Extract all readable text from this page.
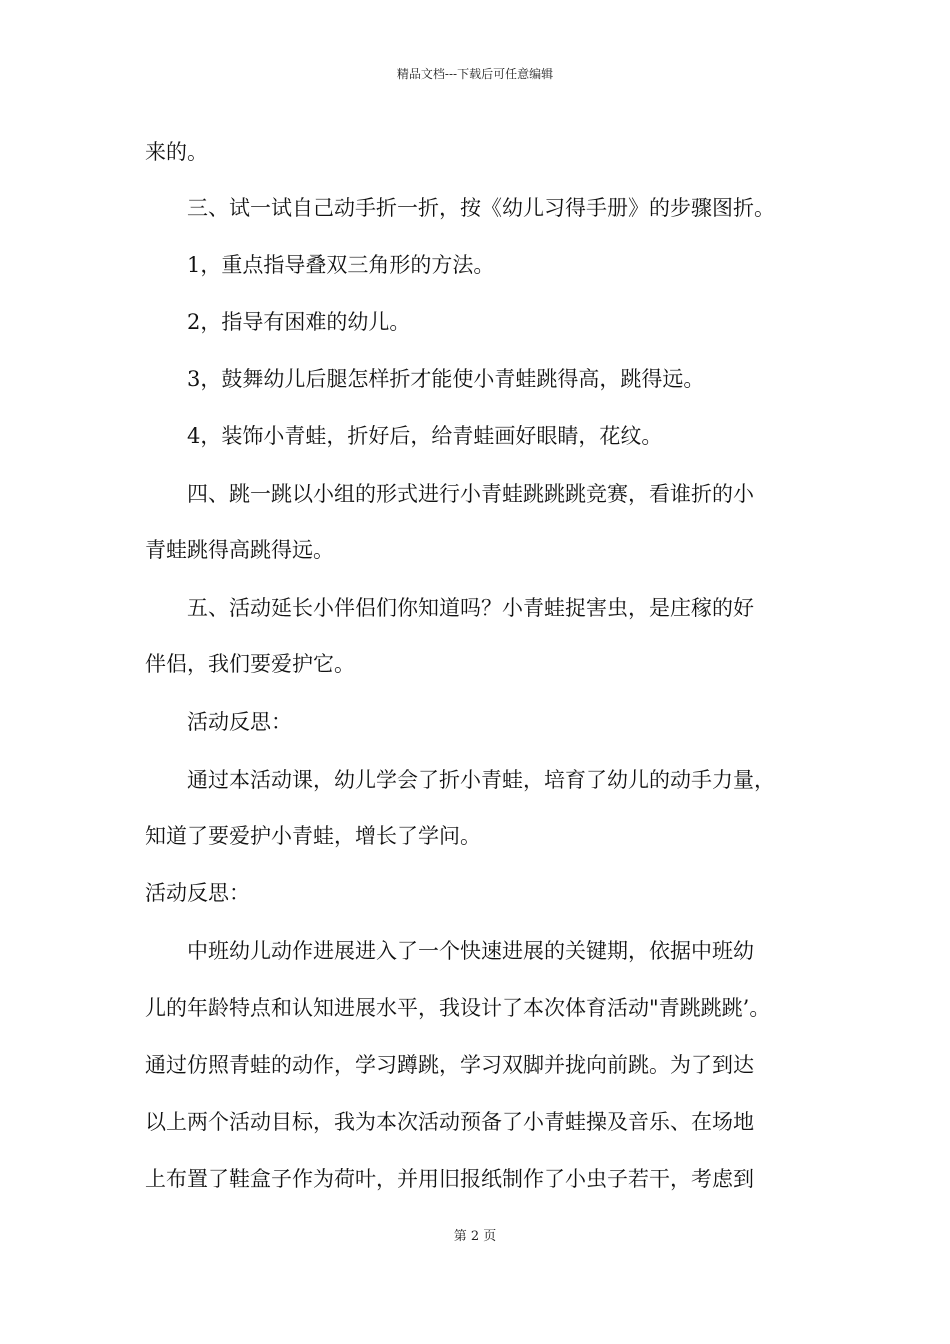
精品文档---下载后可任意编辑
来的。
　　三、试一试自己动手折一折，按《幼儿习得手册》的步骤图折。
　　1，重点指导叠双三角形的方法。
　　2，指导有困难的幼儿。
　　3，鼓舞幼儿后腿怎样折才能使小青蛙跳得高，跳得远。
　　4，装饰小青蛙，折好后，给青蛙画好眼睛，花纹。
　　四、跳一跳以小组的形式进行小青蛙跳跳跳竞赛，看谁折的小
青蛙跳得高跳得远。
　　五、活动延长小伴侣们你知道吗？小青蛙捉害虫，是庄稼的好
伴侣，我们要爱护它。
　　活动反思：
　　通过本活动课，幼儿学会了折小青蛙，培育了幼儿的动手力量，
知道了要爱护小青蛙，增长了学问。
活动反思：
　　中班幼儿动作进展进入了一个快速进展的关键期，依据中班幼
儿的年龄特点和认知进展水平，我设计了本次体育活动"青跳跳跳’。
通过仿照青蛙的动作，学习蹲跳，学习双脚并拢向前跳。为了到达
以上两个活动目标，我为本次活动预备了小青蛙操及音乐、在场地
上布置了鞋盒子作为荷叶，并用旧报纸制作了小虫子若干，考虑到
第 2 页
